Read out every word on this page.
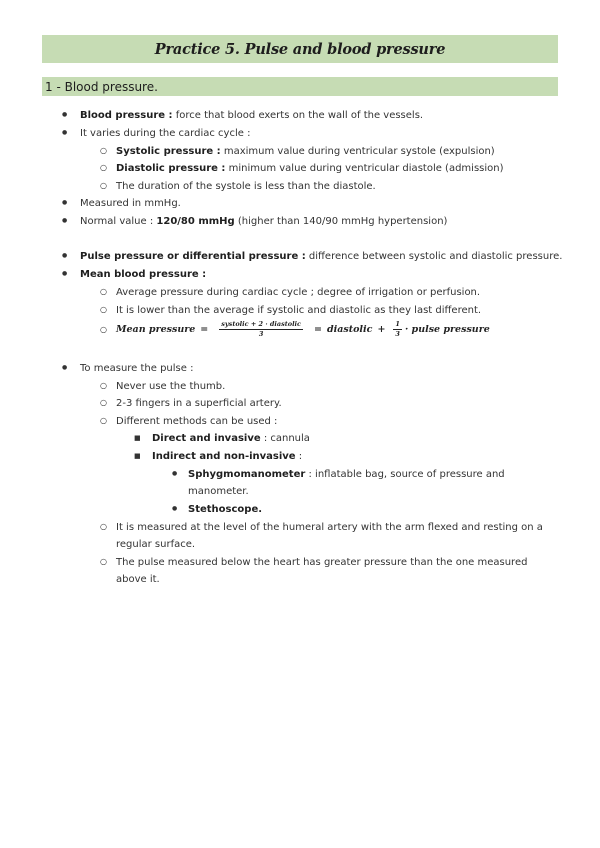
Practice 5. Pulse and blood pressure
1 - Blood pressure.
●
Blood pressure : force that blood exerts on the wall of the vessels.
●
It varies during the cardiac cycle :
○
Systolic pressure : maximum value during ventricular systole (expulsion)
○
Diastolic pressure : minimum value during ventricular diastole (admission)
○
The duration of the systole is less than the diastole.
●
Measured in mmHg.
●
Normal value : 120/80 mmHg (higher than 140/90 mmHg hypertension)
●
Pulse pressure or differential pressure : difference between systolic and diastolic pressure.
●
Mean blood pressure :
○
Average pressure during cardiac cycle ; degree of irrigation or perfusion.
○
It is lower than the average if systolic and diastolic as they last different.
○
Mean pressure = $\frac{\text{systolic + 2 · diastolic}}{3}$ = diastolic + $\frac{1}{3}$ · pulse pressure
●
To measure the pulse :
○
Never use the thumb.
○
2-3 fingers in a superficial artery.
○
Different methods can be used :
■
Direct and invasive : cannula
■
Indirect and non-invasive :
●
Sphygmomanometer : inflatable bag, source of pressure and
manometer.
●
Stethoscope.
○
It is measured at the level of the humeral artery with the arm flexed and resting on a
regular surface.
○
The pulse measured below the heart has greater pressure than the one measured
above it.
